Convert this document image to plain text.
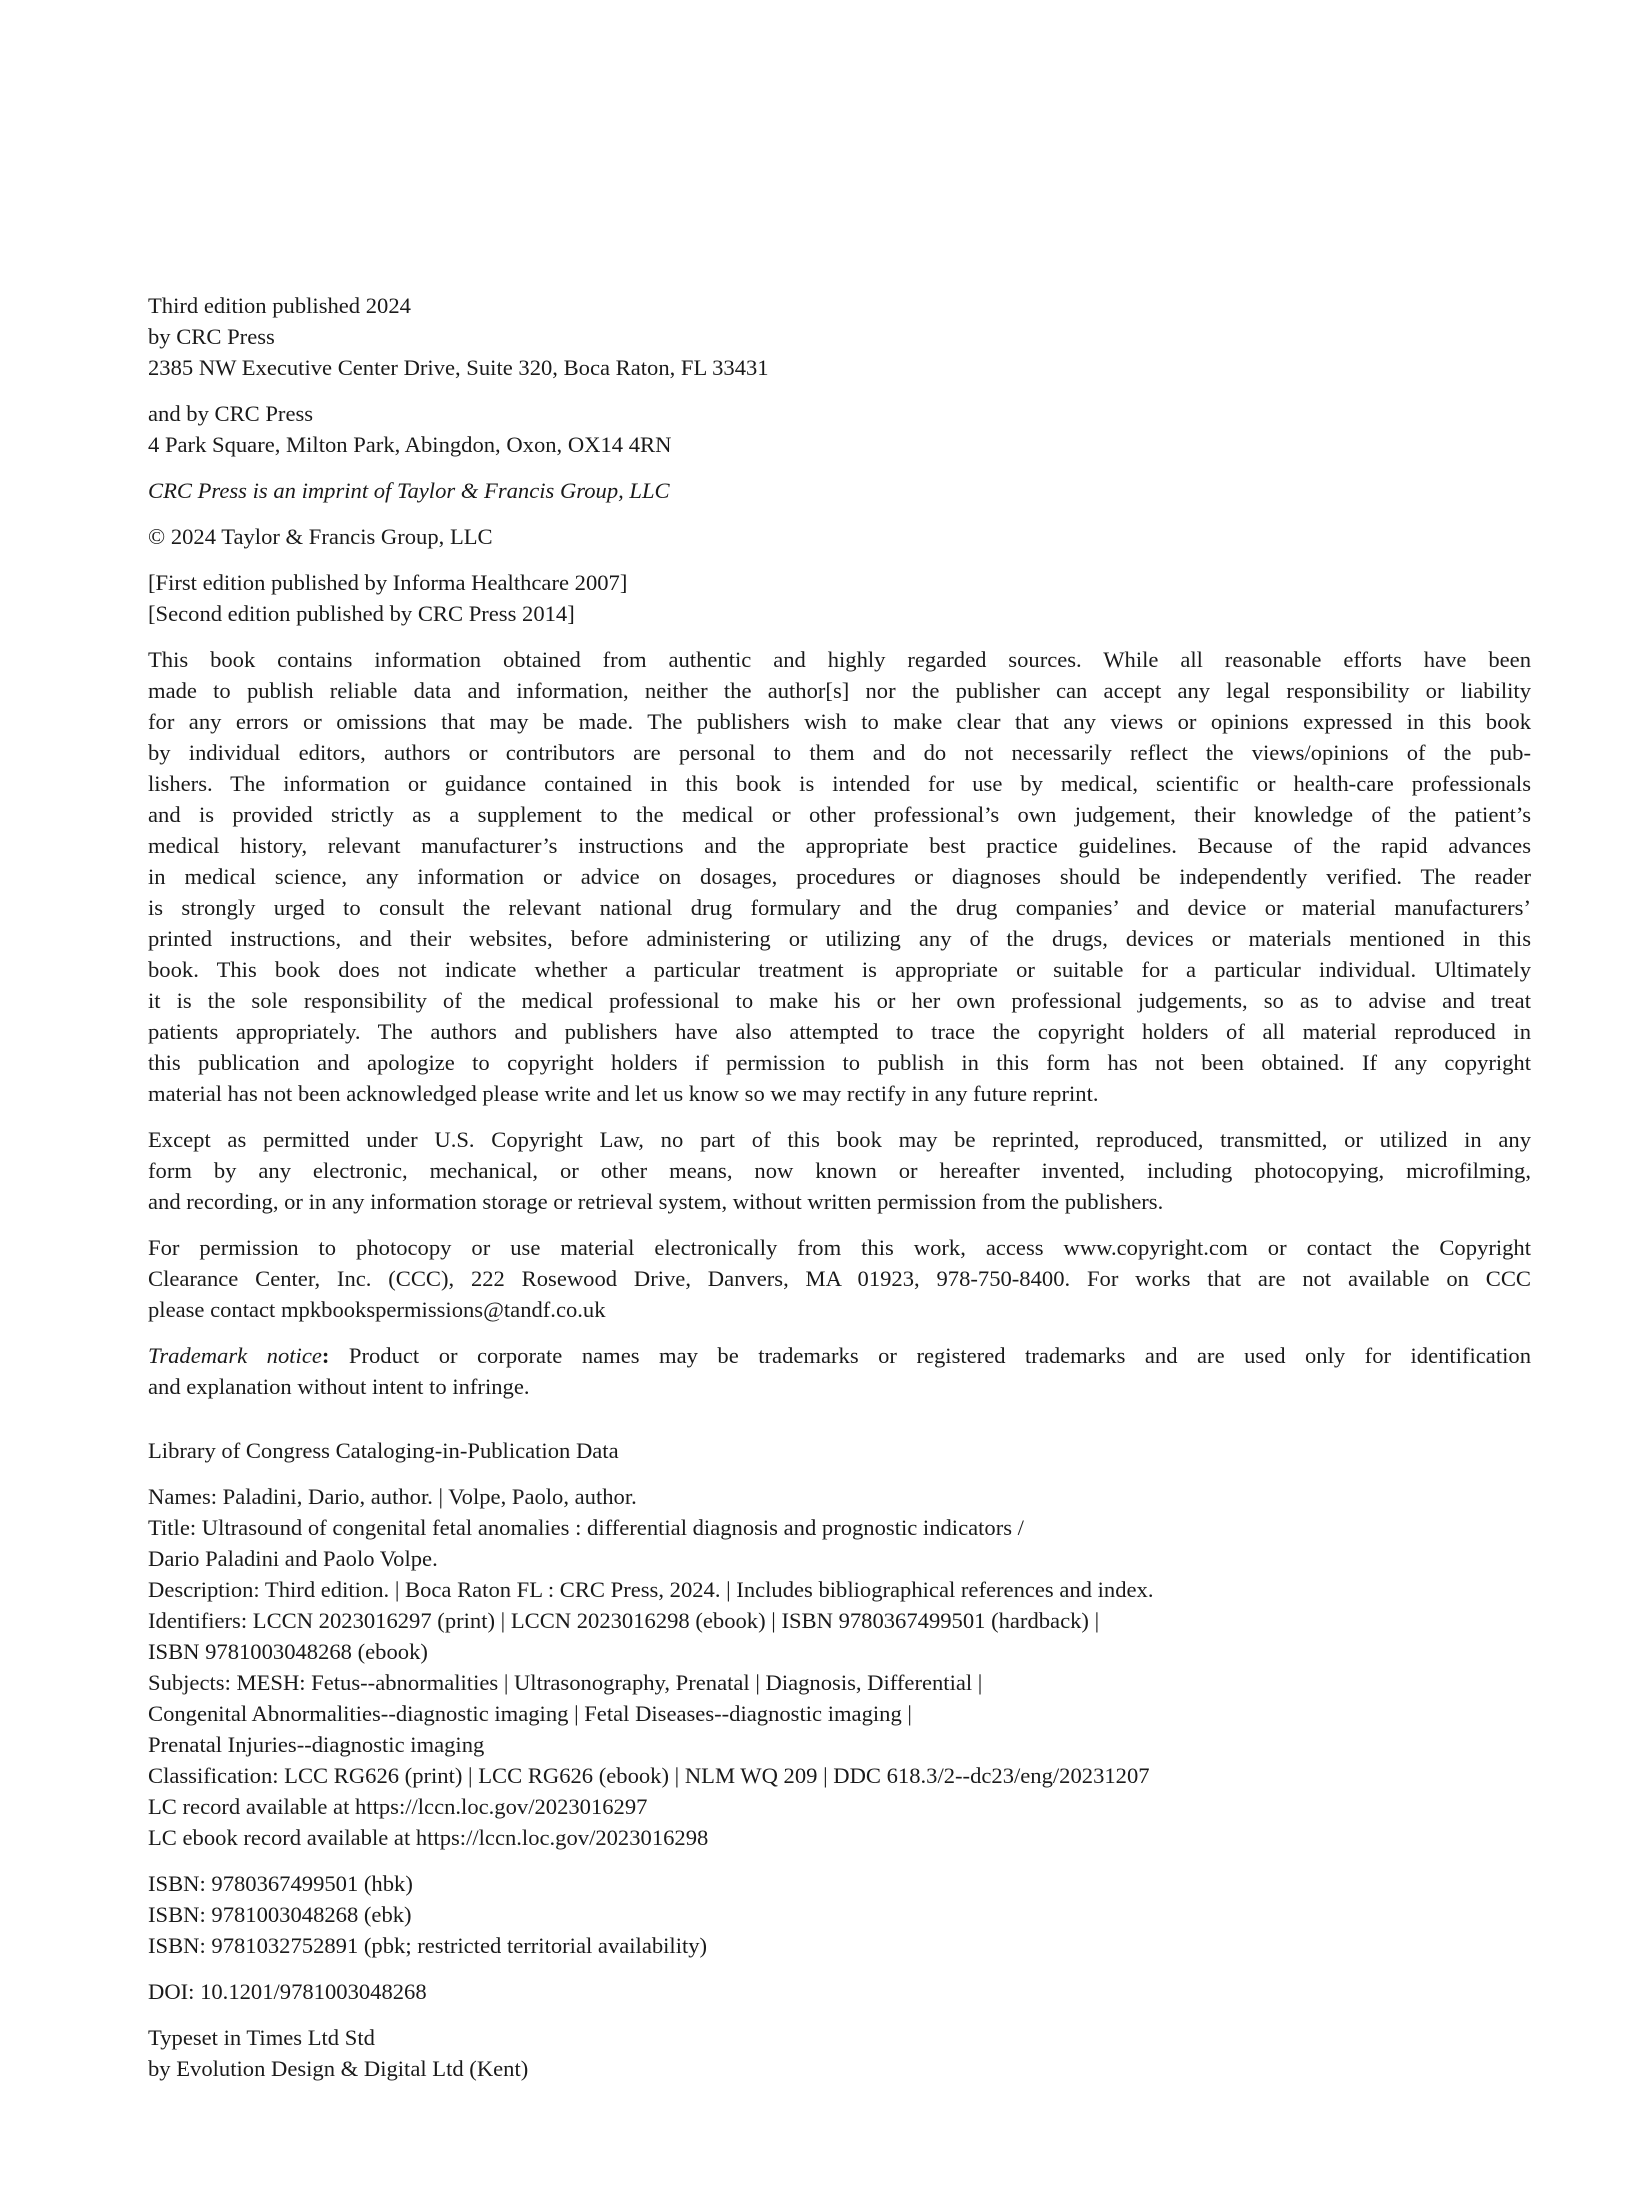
Third edition published 2024
by CRC Press
2385 NW Executive Center Drive, Suite 320, Boca Raton, FL 33431
and by CRC Press
4 Park Square, Milton Park, Abingdon, Oxon, OX14 4RN
CRC Press is an imprint of Taylor & Francis Group, LLC
© 2024 Taylor & Francis Group, LLC
[First edition published by Informa Healthcare 2007]
[Second edition published by CRC Press 2014]
This book contains information obtained from authentic and highly regarded sources. While all reasonable efforts have been
made to publish reliable data and information, neither the author[s] nor the publisher can accept any legal responsibility or liability
for any errors or omissions that may be made. The publishers wish to make clear that any views or opinions expressed in this book
by individual editors, authors or contributors are personal to them and do not necessarily reflect the views/opinions of the pub-
lishers. The information or guidance contained in this book is intended for use by medical, scientific or health-care professionals
and is provided strictly as a supplement to the medical or other professional’s own judgement, their knowledge of the patient’s
medical history, relevant manufacturer’s instructions and the appropriate best practice guidelines. Because of the rapid advances
in medical science, any information or advice on dosages, procedures or diagnoses should be independently verified. The reader
is strongly urged to consult the relevant national drug formulary and the drug companies’ and device or material manufacturers’
printed instructions, and their websites, before administering or utilizing any of the drugs, devices or materials mentioned in this
book. This book does not indicate whether a particular treatment is appropriate or suitable for a particular individual. Ultimately
it is the sole responsibility of the medical professional to make his or her own professional judgements, so as to advise and treat
patients appropriately. The authors and publishers have also attempted to trace the copyright holders of all material reproduced in
this publication and apologize to copyright holders if permission to publish in this form has not been obtained. If any copyright
material has not been acknowledged please write and let us know so we may rectify in any future reprint.
Except as permitted under U.S. Copyright Law, no part of this book may be reprinted, reproduced, transmitted, or utilized in any
form by any electronic, mechanical, or other means, now known or hereafter invented, including photocopying, microfilming,
and recording, or in any information storage or retrieval system, without written permission from the publishers.
For permission to photocopy or use material electronically from this work, access www.copyright.com or contact the Copyright
Clearance Center, Inc. (CCC), 222 Rosewood Drive, Danvers, MA 01923, 978-750-8400. For works that are not available on CCC
please contact mpkbookspermissions@tandf.co.uk
Trademark notice: Product or corporate names may be trademarks or registered trademarks and are used only for identification
and explanation without intent to infringe.
Library of Congress Cataloging-in-Publication Data
Names: Paladini, Dario, author. | Volpe, Paolo, author.
Title: Ultrasound of congenital fetal anomalies : differential diagnosis and prognostic indicators /
Dario Paladini and Paolo Volpe.
Description: Third edition. | Boca Raton FL : CRC Press, 2024. | Includes bibliographical references and index.
Identifiers: LCCN 2023016297 (print) | LCCN 2023016298 (ebook) | ISBN 9780367499501 (hardback) |
ISBN 9781003048268 (ebook)
Subjects: MESH: Fetus--abnormalities | Ultrasonography, Prenatal | Diagnosis, Differential |
Congenital Abnormalities--diagnostic imaging | Fetal Diseases--diagnostic imaging |
Prenatal Injuries--diagnostic imaging
Classification: LCC RG626 (print) | LCC RG626 (ebook) | NLM WQ 209 | DDC 618.3/2--dc23/eng/20231207
LC record available at https://lccn.loc.gov/2023016297
LC ebook record available at https://lccn.loc.gov/2023016298
ISBN: 9780367499501 (hbk)
ISBN: 9781003048268 (ebk)
ISBN: 9781032752891 (pbk; restricted territorial availability)
DOI: 10.1201/9781003048268
Typeset in Times Ltd Std
by Evolution Design & Digital Ltd (Kent)
